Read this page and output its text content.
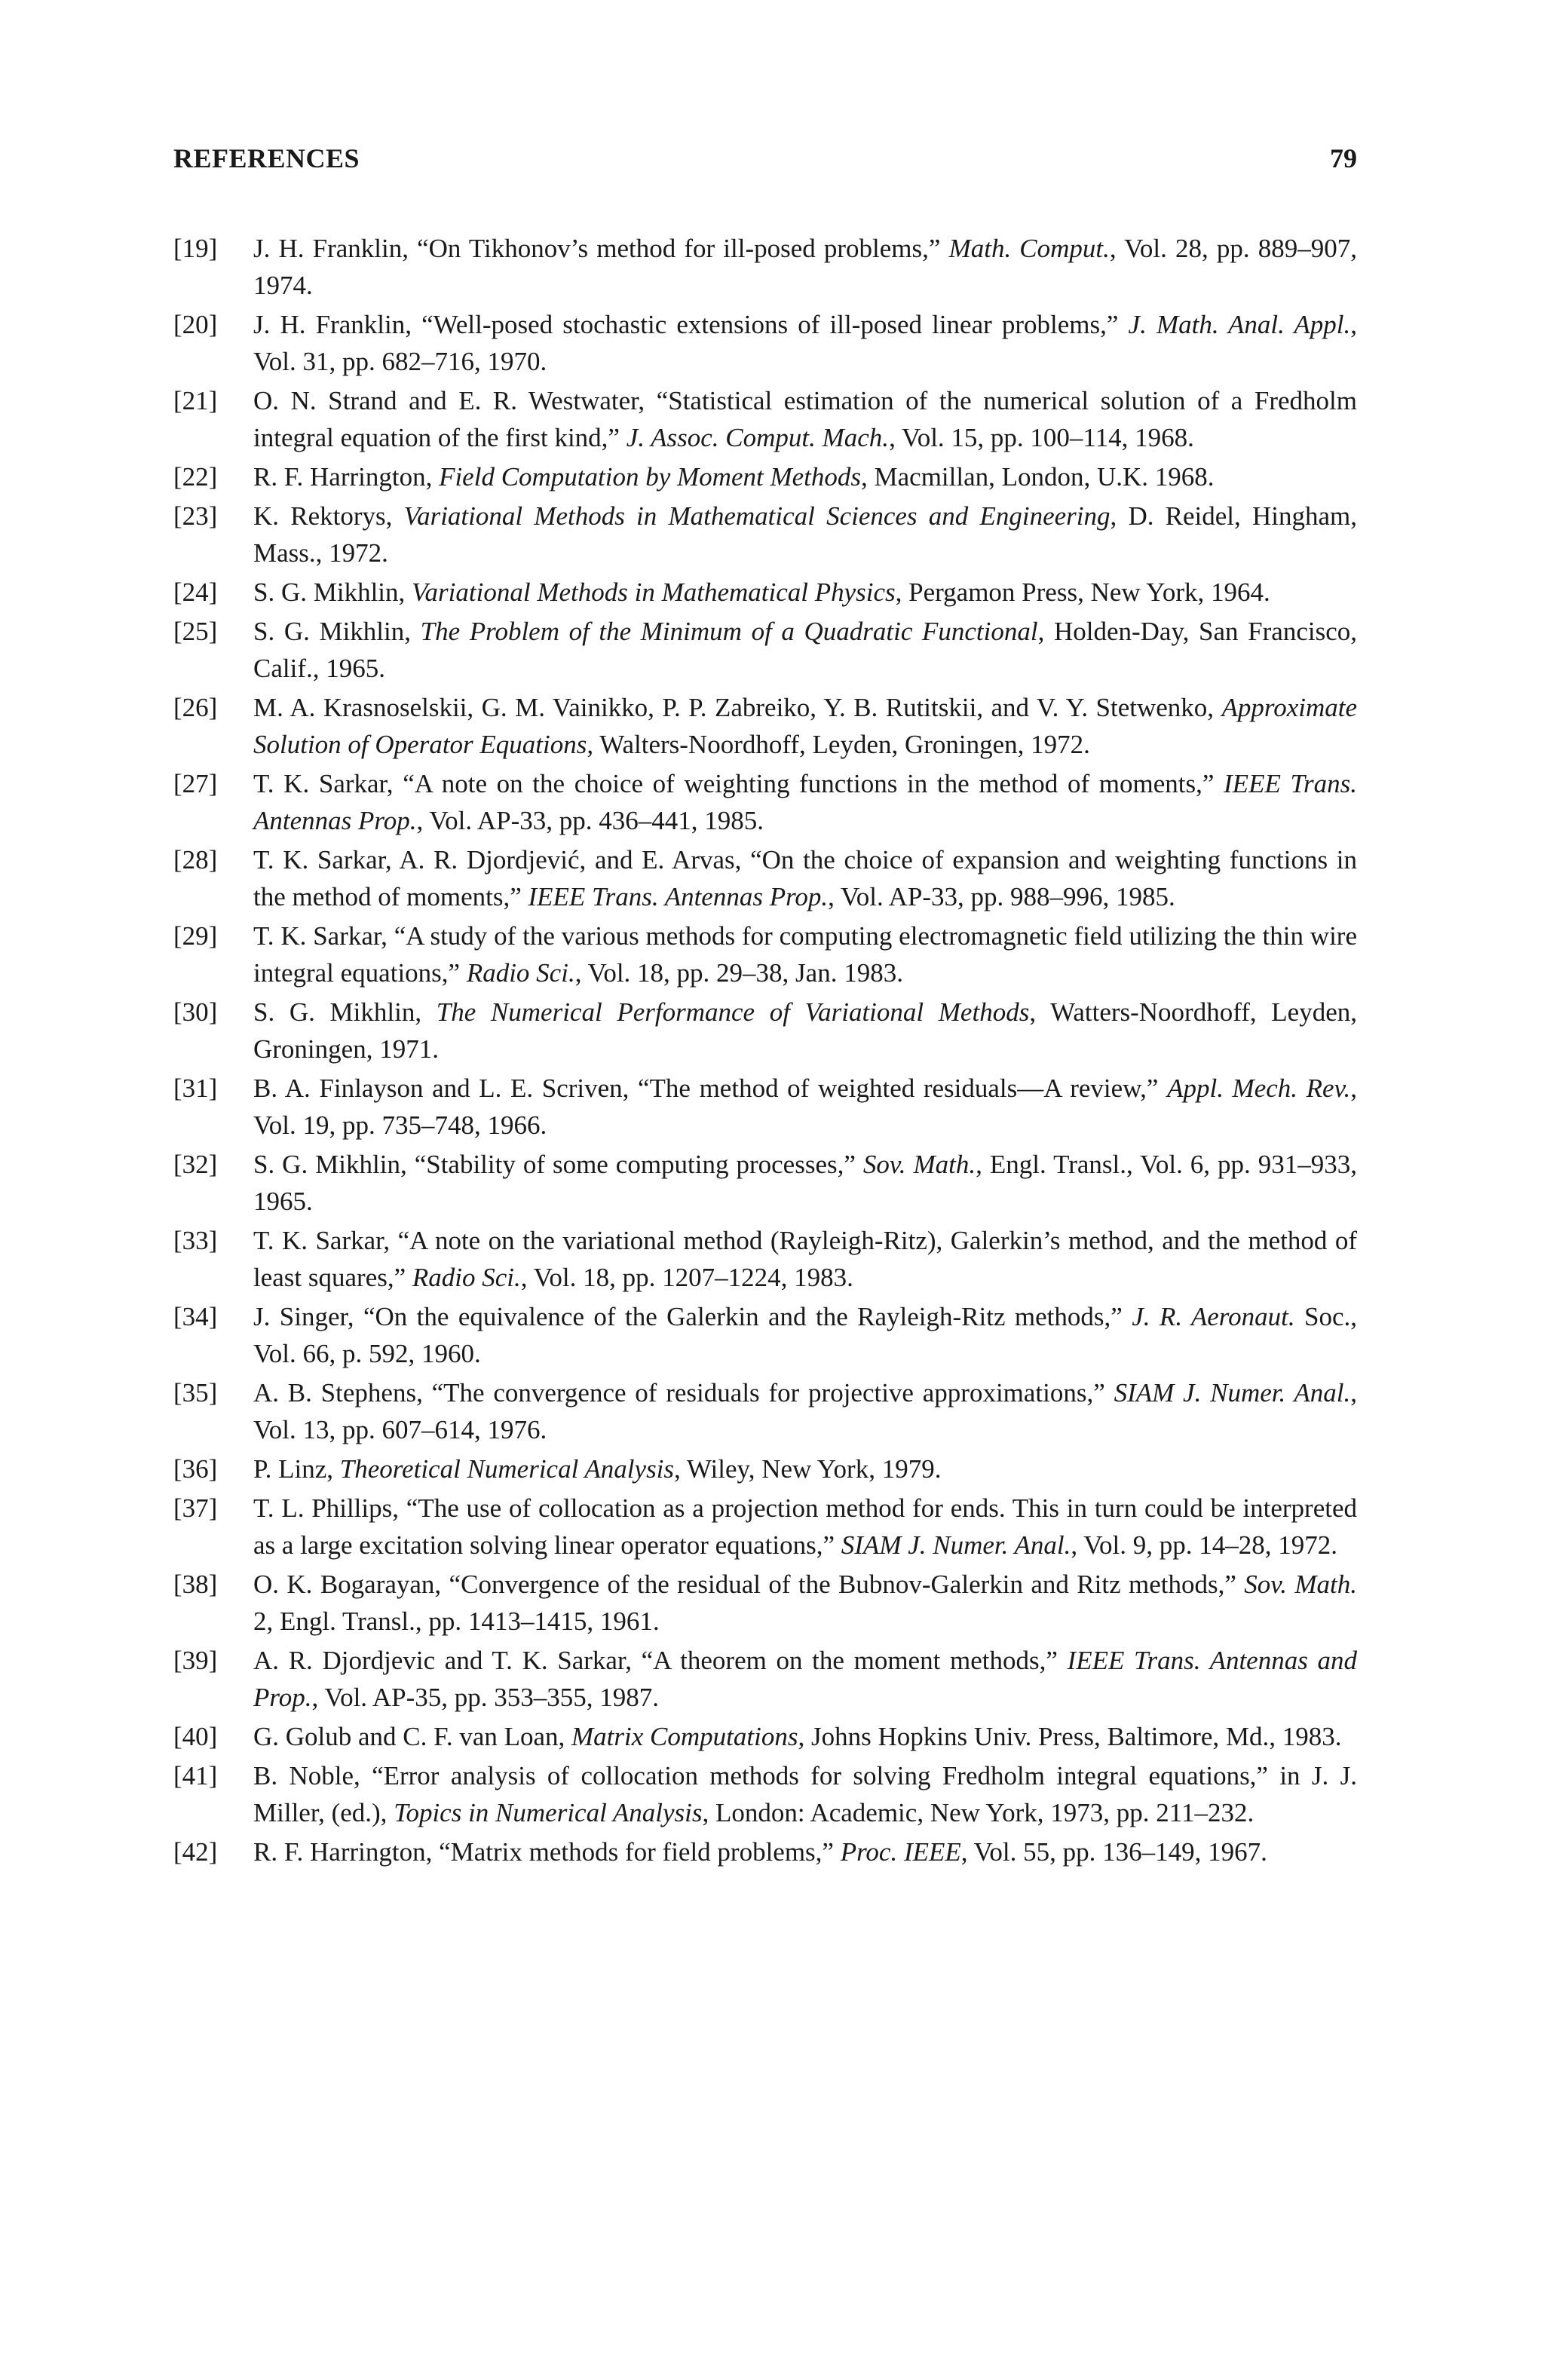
REFERENCES	79
[19] J. H. Franklin, “On Tikhonov’s method for ill-posed problems,” Math. Comput., Vol. 28, pp. 889–907, 1974.
[20] J. H. Franklin, “Well-posed stochastic extensions of ill-posed linear problems,” J. Math. Anal. Appl., Vol. 31, pp. 682–716, 1970.
[21] O. N. Strand and E. R. Westwater, “Statistical estimation of the numerical solution of a Fredholm integral equation of the first kind,” J. Assoc. Comput. Mach., Vol. 15, pp. 100–114, 1968.
[22] R. F. Harrington, Field Computation by Moment Methods, Macmillan, London, U.K. 1968.
[23] K. Rektorys, Variational Methods in Mathematical Sciences and Engineering, D. Reidel, Hingham, Mass., 1972.
[24] S. G. Mikhlin, Variational Methods in Mathematical Physics, Pergamon Press, New York, 1964.
[25] S. G. Mikhlin, The Problem of the Minimum of a Quadratic Functional, Holden-Day, San Francisco, Calif., 1965.
[26] M. A. Krasnoselskii, G. M. Vainikko, P. P. Zabreiko, Y. B. Rutitskii, and V. Y. Stetwenko, Approximate Solution of Operator Equations, Walters-Noordhoff, Leyden, Groningen, 1972.
[27] T. K. Sarkar, “A note on the choice of weighting functions in the method of moments,” IEEE Trans. Antennas Prop., Vol. AP-33, pp. 436–441, 1985.
[28] T. K. Sarkar, A. R. Djordjević, and E. Arvas, “On the choice of expansion and weighting functions in the method of moments,” IEEE Trans. Antennas Prop., Vol. AP-33, pp. 988–996, 1985.
[29] T. K. Sarkar, “A study of the various methods for computing electromagnetic field utilizing the thin wire integral equations,” Radio Sci., Vol. 18, pp. 29–38, Jan. 1983.
[30] S. G. Mikhlin, The Numerical Performance of Variational Methods, Watters-Noordhoff, Leyden, Groningen, 1971.
[31] B. A. Finlayson and L. E. Scriven, “The method of weighted residuals—A review,” Appl. Mech. Rev., Vol. 19, pp. 735–748, 1966.
[32] S. G. Mikhlin, “Stability of some computing processes,” Sov. Math., Engl. Transl., Vol. 6, pp. 931–933, 1965.
[33] T. K. Sarkar, “A note on the variational method (Rayleigh-Ritz), Galerkin’s method, and the method of least squares,” Radio Sci., Vol. 18, pp. 1207–1224, 1983.
[34] J. Singer, “On the equivalence of the Galerkin and the Rayleigh-Ritz methods,” J. R. Aeronaut. Soc., Vol. 66, p. 592, 1960.
[35] A. B. Stephens, “The convergence of residuals for projective approximations,” SIAM J. Numer. Anal., Vol. 13, pp. 607–614, 1976.
[36] P. Linz, Theoretical Numerical Analysis, Wiley, New York, 1979.
[37] T. L. Phillips, “The use of collocation as a projection method for ends. This in turn could be interpreted as a large excitation solving linear operator equations,” SIAM J. Numer. Anal., Vol. 9, pp. 14–28, 1972.
[38] O. K. Bogarayan, “Convergence of the residual of the Bubnov-Galerkin and Ritz methods,” Sov. Math. 2, Engl. Transl., pp. 1413–1415, 1961.
[39] A. R. Djordjevic and T. K. Sarkar, “A theorem on the moment methods,” IEEE Trans. Antennas and Prop., Vol. AP-35, pp. 353–355, 1987.
[40] G. Golub and C. F. van Loan, Matrix Computations, Johns Hopkins Univ. Press, Baltimore, Md., 1983.
[41] B. Noble, “Error analysis of collocation methods for solving Fredholm integral equations,” in J. J. Miller, (ed.), Topics in Numerical Analysis, London: Academic, New York, 1973, pp. 211–232.
[42] R. F. Harrington, “Matrix methods for field problems,” Proc. IEEE, Vol. 55, pp. 136–149, 1967.
